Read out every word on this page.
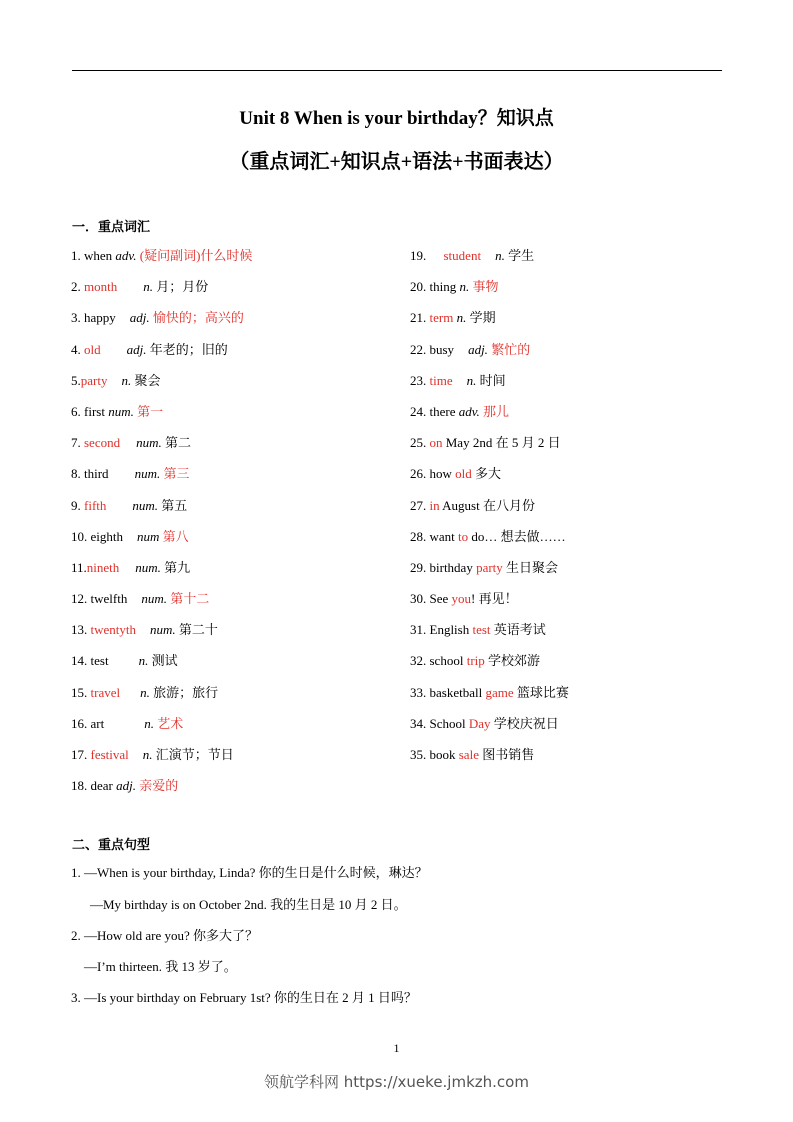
Unit 8 When is your birthday？知识点
（重点词汇+知识点+语法+书面表达）
一．重点词汇
1. when adv. (疑问副词)什么时候
2. month n. 月；月份
3. happy adj. 愉快的；高兴的
4. old adj. 年老的；旧的
5.party n. 聚会
6. first num. 第一
7. second num. 第二
8. third num. 第三
9. fifth num. 第五
10. eighth num 第八
11.nineth num. 第九
12. twelfth num. 第十二
13. twentyth num. 第二十
14. test n. 测试
15. travel n. 旅游；旅行
16. art	n. 艺术
17. festival n. 汇演节；节日
18. dear adj. 亲爱的
19. student n. 学生
20. thing n. 事物
21. term n. 学期
22. busy adj. 繁忙的
23. time n. 时间
24. there adv. 那儿
25. on May 2nd 在 5 月 2 日
26. how old 多大
27. in August 在八月份
28. want to do… 想去做……
29. birthday party 生日聚会
30. See you! 再见！
31. English test 英语考试
32. school trip 学校郊游
33. basketball game 篮球比赛
34. School Day 学校庆祝日
35. book sale 图书销售
二、重点句型
1. —When is your birthday, Linda? 你的生日是什么时候，琳达？
—My birthday is on October 2nd. 我的生日是 10 月 2 日。
2. —How old are you? 你多大了？
—I’m thirteen. 我 13 岁了。
3. —Is your birthday on February 1st? 你的生日在 2 月 1 日吗？
1
领航学科网 https://xueke.jmkzh.com
